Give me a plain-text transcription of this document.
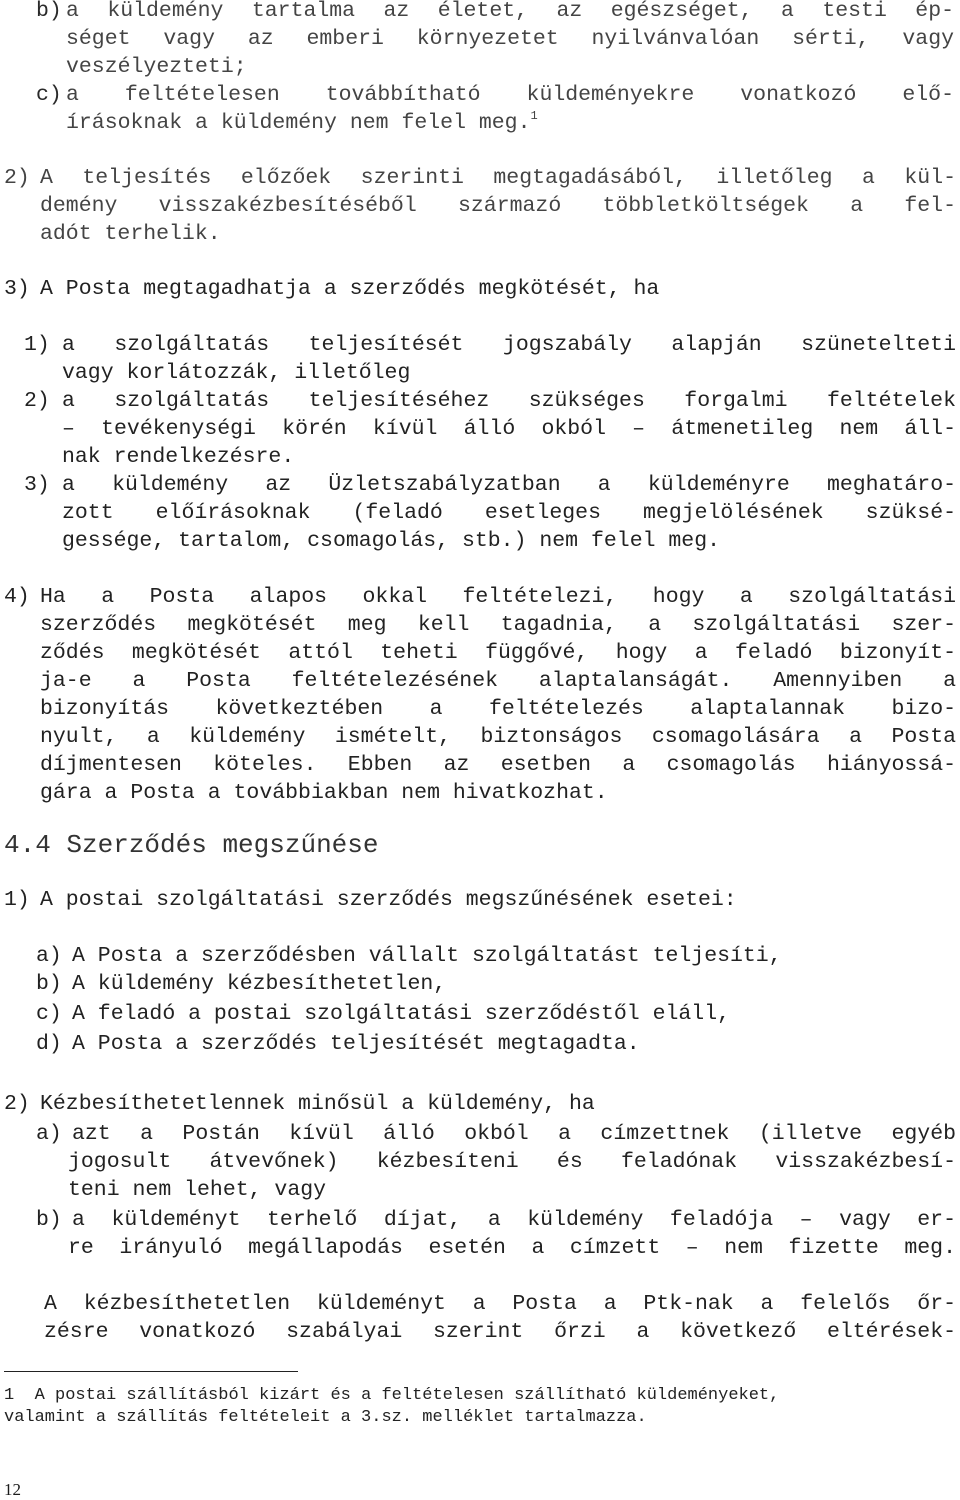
b) a küldemény tartalma az életet, az egészséget, a testi ép-
séget vagy az emberi környezetet nyilvánvalóan sérti, vagy
veszélyezteti;
c) a feltételesen továbbítható küldeményekre vonatkozó elő-
írásoknak a küldemény nem felel meg.$^1$
2) A teljesítés előzőek szerinti megtagadásából, illetőleg a kül-
demény visszakézbesítéséből származó többletköltségek a fel-
adót terhelik.
3) A Posta megtagadhatja a szerződés megkötését, ha
1) a szolgáltatás teljesítését jogszabály alapján szünetelteti
vagy korlátozzák, illetőleg
2) a szolgáltatás teljesítéséhez szükséges forgalmi feltételek
– tevékenységi körén kívül álló okból – átmenetileg nem áll-
nak rendelkezésre.
3) a küldemény az Üzletszabályzatban a küldeményre meghatáro-
zott előírásoknak (feladó esetleges megjelölésének szüksé-
gessége, tartalom, csomagolás, stb.) nem felel meg.
4) Ha a Posta alapos okkal feltételezi, hogy a szolgáltatási
szerződés megkötését meg kell tagadnia, a szolgáltatási szer-
ződés megkötését attól teheti függővé, hogy a feladó bizonyít-
ja-e a Posta feltételezésének alaptalanságát. Amennyiben a
bizonyítás következtében a feltételezés alaptalannak bizo-
nyult, a küldemény ismételt, biztonságos csomagolására a Posta
díjmentesen köteles. Ebben az esetben a csomagolás hiányossá-
gára a Posta a továbbiakban nem hivatkozhat.
4.4 Szerződés megszűnése
1) A postai szolgáltatási szerződés megszűnésének esetei:
a) A Posta a szerződésben vállalt szolgáltatást teljesíti,
b) A küldemény kézbesíthetetlen,
c) A feladó a postai szolgáltatási szerződéstől eláll,
d) A Posta a szerződés teljesítését megtagadta.
2) Kézbesíthetetlennek minősül a küldemény, ha
a) azt a Postán kívül álló okból a címzettnek (illetve egyéb
jogosult átvevőnek) kézbesíteni és feladónak visszakézbesí-
teni nem lehet, vagy
b) a küldeményt terhelő díjat, a küldemény feladója – vagy er-
re irányuló megállapodás esetén a címzett – nem fizette meg.
A kézbesíthetetlen küldeményt a Posta a Ptk-nak a felelős őr-
zésre vonatkozó szabályai szerint őrzi a következő eltérések-
1 A postai szállításból kizárt és a feltételesen szállítható küldeményeket,
valamint a szállítás feltételeit a 3.sz. melléklet tartalmazza.
12
